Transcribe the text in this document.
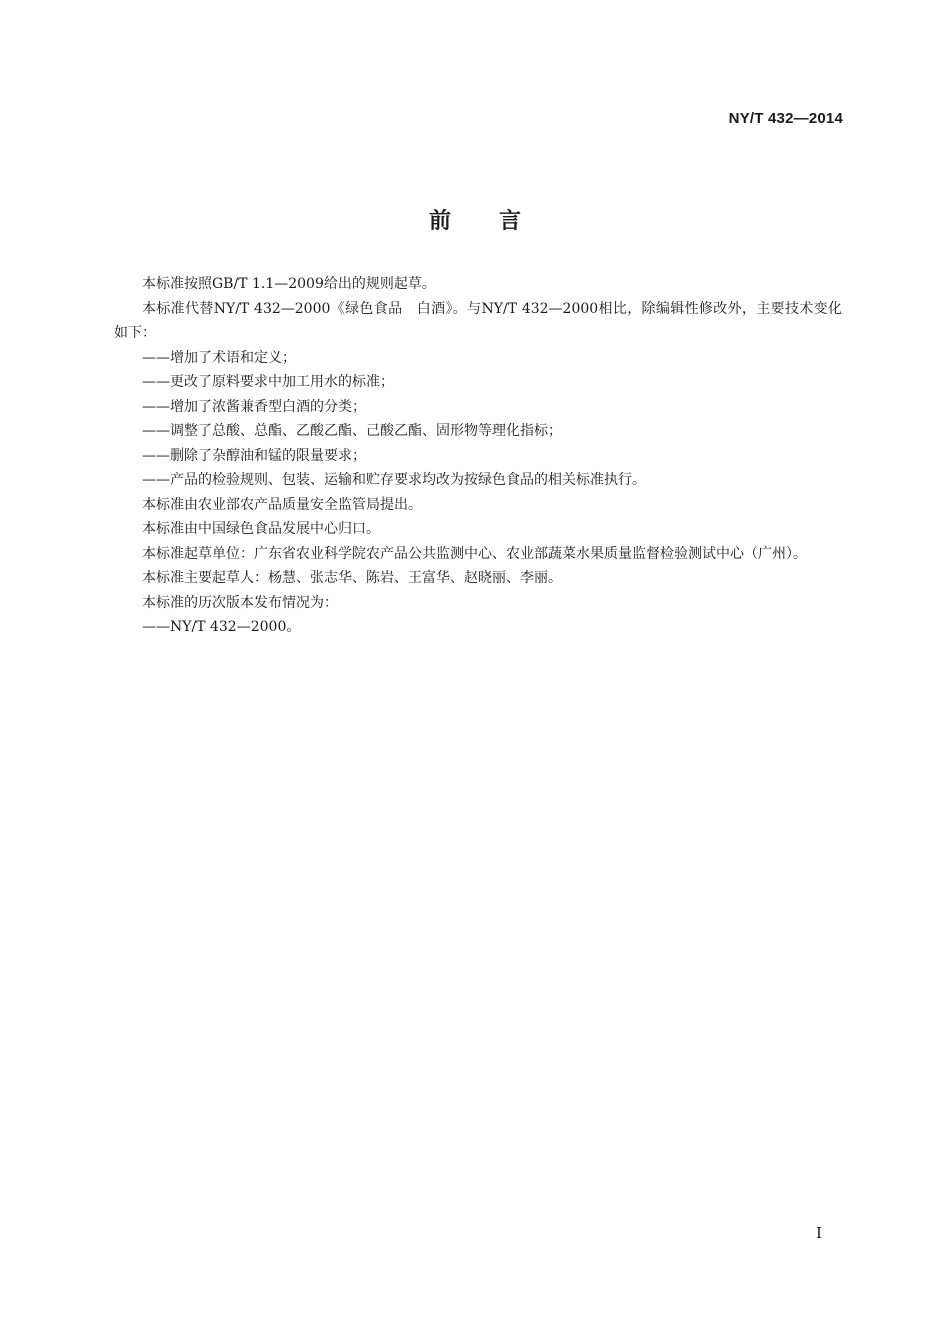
NY/T 432—2014
前言

本标准按照GB/T 1.1—2009给出的规则起草。

本标准代替NY/T 432—2000《绿色食品　白酒》。与NY/T 432—2000相比，除编辑性修改外，主要技术变化如下：

——增加了术语和定义；

——更改了原料要求中加工用水的标准；

——增加了浓酱兼香型白酒的分类；

——调整了总酸、总酯、乙酸乙酯、己酸乙酯、固形物等理化指标；

——删除了杂醇油和锰的限量要求；

——产品的检验规则、包装、运输和贮存要求均改为按绿色食品的相关标准执行。

本标准由农业部农产品质量安全监管局提出。

本标准由中国绿色食品发展中心归口。

本标准起草单位：广东省农业科学院农产品公共监测中心、农业部蔬菜水果质量监督检验测试中心（广州）。

本标准主要起草人：杨慧、张志华、陈岩、王富华、赵晓丽、李丽。

本标准的历次版本发布情况为：

——NY/T 432—2000。

I
